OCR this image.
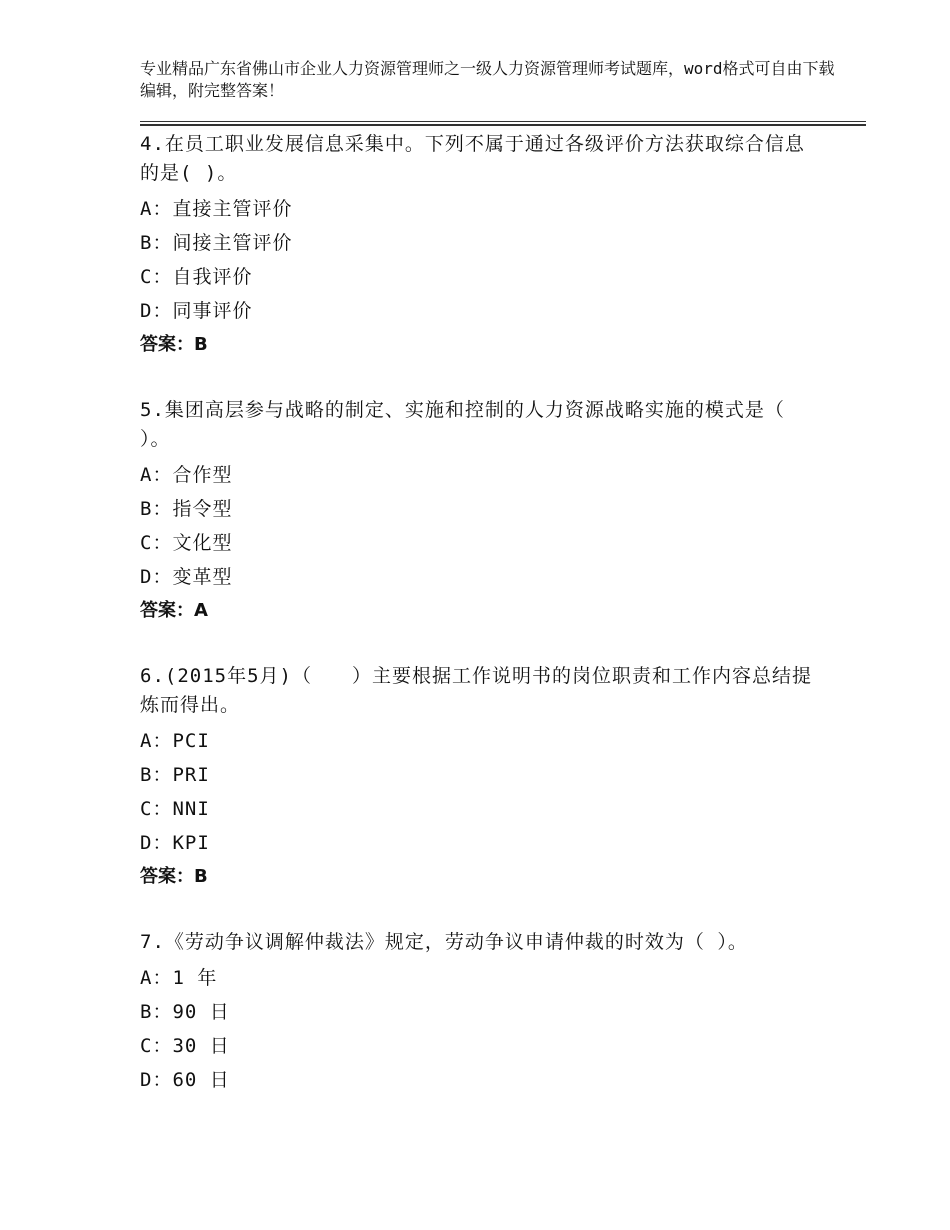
专业精品广东省佛山市企业人力资源管理师之一级人力资源管理师考试题库，word格式可自由下载编辑，附完整答案！
4.在员工职业发展信息采集中。下列不属于通过各级评价方法获取综合信息的是( )。
A：直接主管评价
B：间接主管评价
C：自我评价
D：同事评价
答案：B
5.集团高层参与战略的制定、实施和控制的人力资源战略实施的模式是（ ）。
A：合作型
B：指令型
C：文化型
D：变革型
答案：A
6.(2015年5月)（　　）主要根据工作说明书的岗位职责和工作内容总结提炼而得出。
A：PCI
B：PRI
C：NNI
D：KPI
答案：B
7.《劳动争议调解仲裁法》规定，劳动争议申请仲裁的时效为（ ）。
A：1 年
B：90 日
C：30 日
D：60 日
